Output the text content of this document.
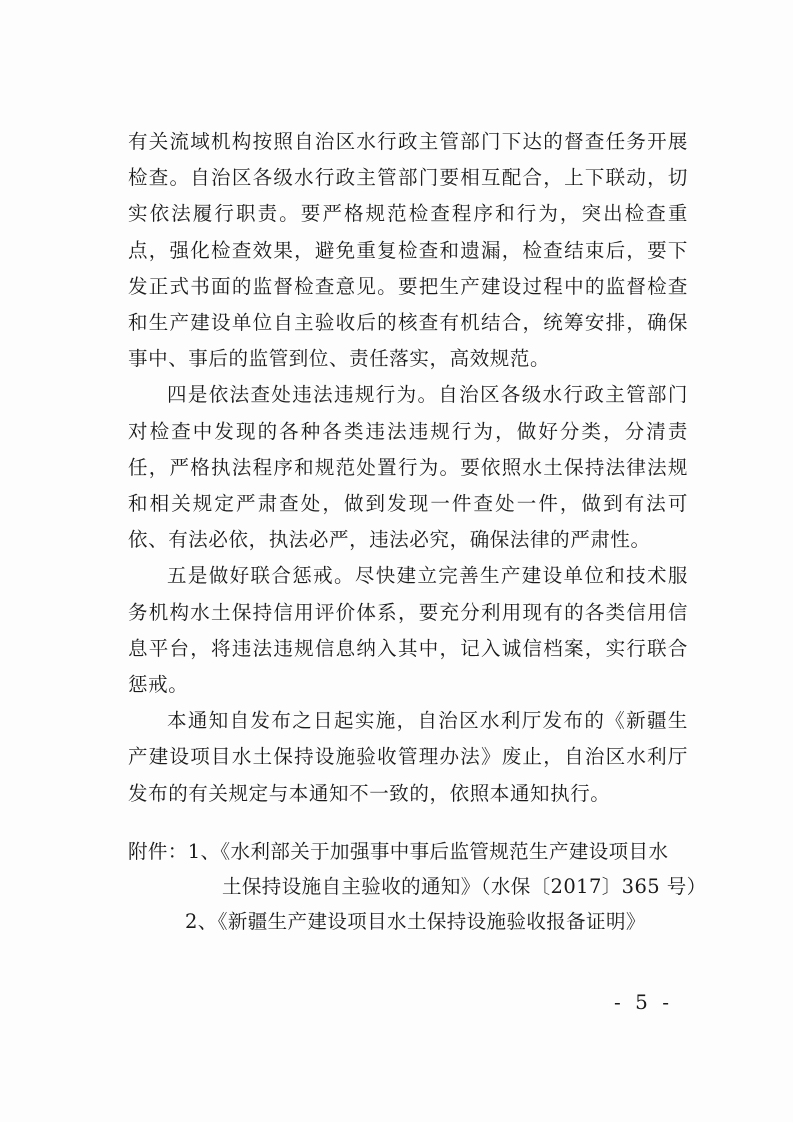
有关流域机构按照自治区水行政主管部门下达的督查任务开展检查。自治区各级水行政主管部门要相互配合，上下联动，切实依法履行职责。要严格规范检查程序和行为，突出检查重点，强化检查效果，避免重复检查和遗漏，检查结束后，要下发正式书面的监督检查意见。要把生产建设过程中的监督检查和生产建设单位自主验收后的核查有机结合，统筹安排，确保事中、事后的监管到位、责任落实，高效规范。

四是依法查处违法违规行为。自治区各级水行政主管部门对检查中发现的各种各类违法违规行为，做好分类，分清责任，严格执法程序和规范处置行为。要依照水土保持法律法规和相关规定严肃查处，做到发现一件查处一件，做到有法可依、有法必依，执法必严，违法必究，确保法律的严肃性。

五是做好联合惩戒。尽快建立完善生产建设单位和技术服务机构水土保持信用评价体系，要充分利用现有的各类信用信息平台，将违法违规信息纳入其中，记入诚信档案，实行联合惩戒。

本通知自发布之日起实施，自治区水利厅发布的《新疆生产建设项目水土保持设施验收管理办法》废止，自治区水利厅发布的有关规定与本通知不一致的，依照本通知执行。

附件：1、《水利部关于加强事中事后监管规范生产建设项目水
土保持设施自主验收的通知》（水保〔2017〕365 号）
2、《新疆生产建设项目水土保持设施验收报备证明》
- 5 -
